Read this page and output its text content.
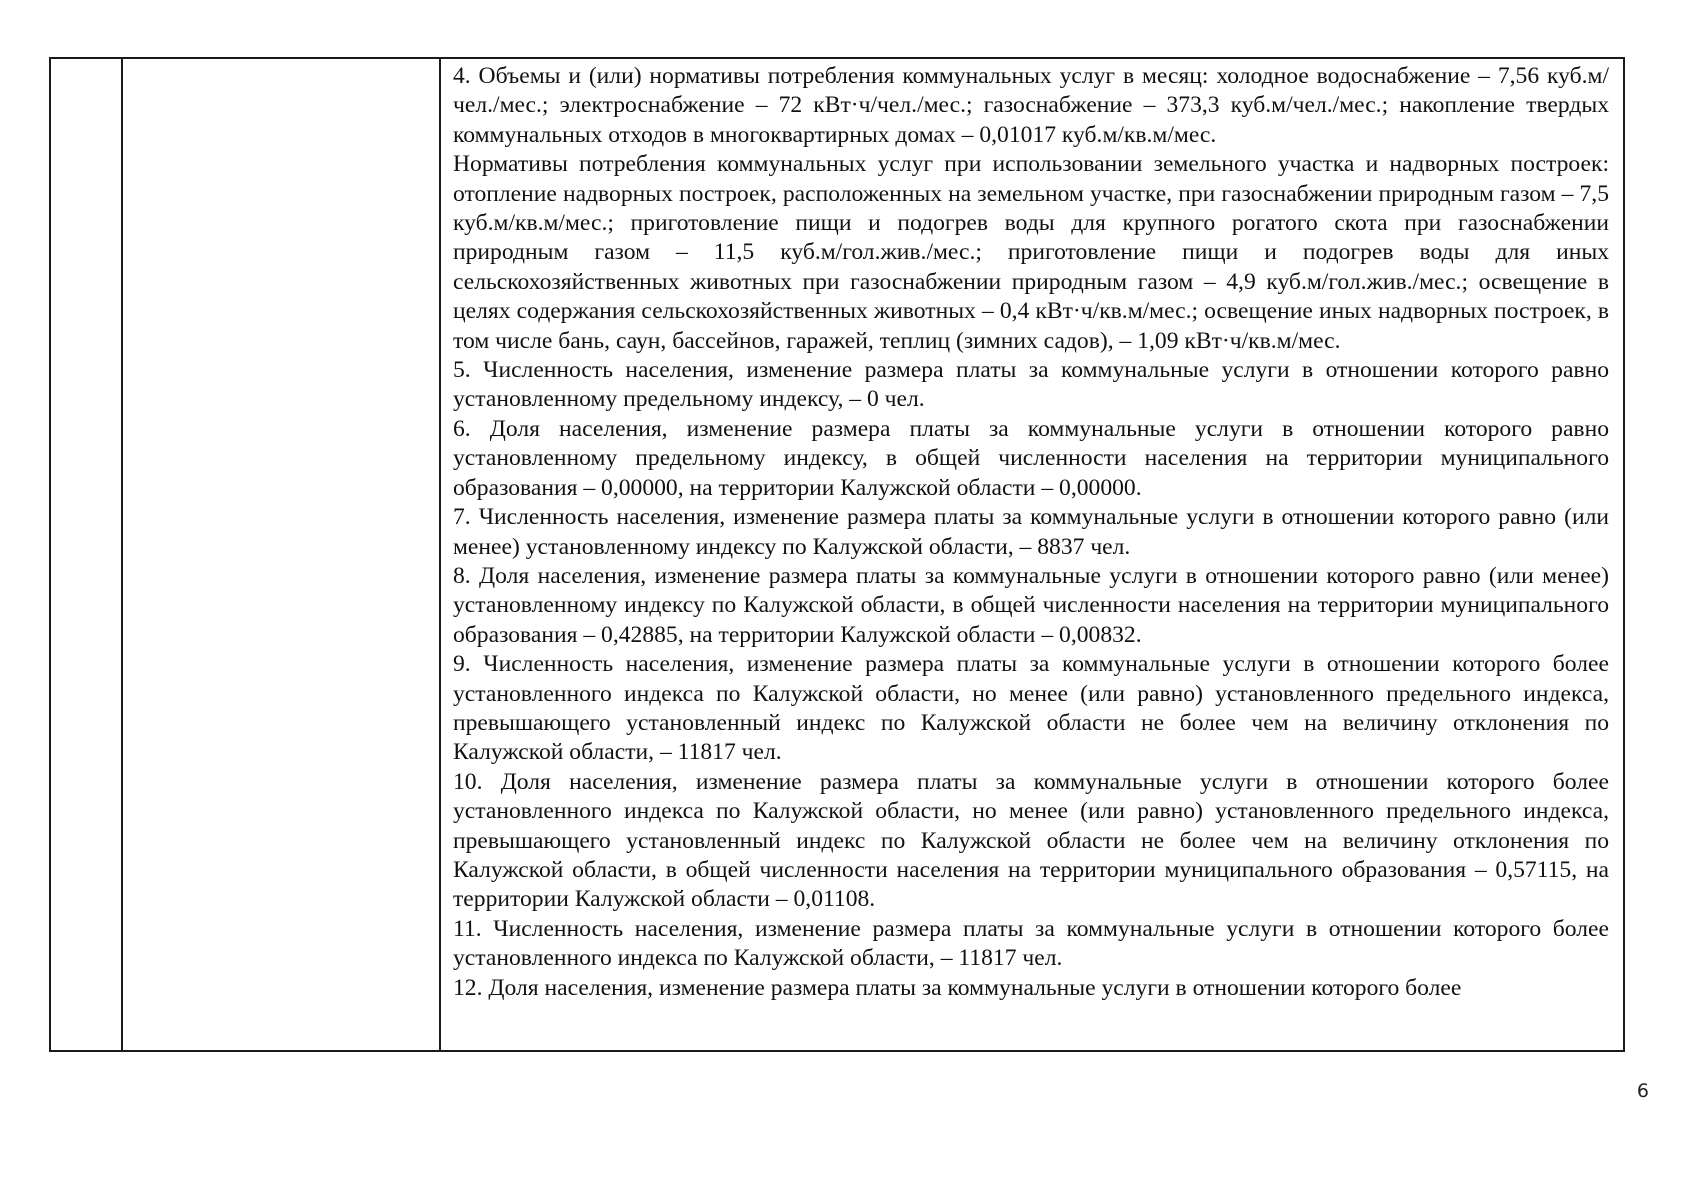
4. Объемы и (или) нормативы потребления коммунальных услуг в месяц: холодное водоснабжение – 7,56 куб.м/чел./мес.; электроснабжение – 72 кВт·ч/чел./мес.; газоснабжение – 373,3 куб.м/чел./мес.; накопление твердых коммунальных отходов в многоквартирных домах – 0,01017 куб.м/кв.м/мес.

Нормативы потребления коммунальных услуг при использовании земельного участка и надворных построек: отопление надворных построек, расположенных на земельном участке, при газоснабжении природным газом – 7,5 куб.м/кв.м/мес.; приготовление пищи и подогрев воды для крупного рогатого скота при газоснабжении природным газом – 11,5 куб.м/гол.жив./мес.; приготовление пищи и подогрев воды для иных сельскохозяйственных животных при газоснабжении природным газом – 4,9 куб.м/гол.жив./мес.; освещение в целях содержания сельскохозяйственных животных – 0,4 кВт·ч/кв.м/мес.; освещение иных надворных построек, в том числе бань, саун, бассейнов, гаражей, теплиц (зимних садов), – 1,09 кВт·ч/кв.м/мес.

5. Численность населения, изменение размера платы за коммунальные услуги в отношении которого равно установленному предельному индексу, – 0 чел.

6. Доля населения, изменение размера платы за коммунальные услуги в отношении которого равно установленному предельному индексу, в общей численности населения на территории муниципального образования – 0,00000, на территории Калужской области – 0,00000.

7. Численность населения, изменение размера платы за коммунальные услуги в отношении которого равно (или менее) установленному индексу по Калужской области, – 8837 чел.

8. Доля населения, изменение размера платы за коммунальные услуги в отношении которого равно (или менее) установленному индексу по Калужской области, в общей численности населения на территории муниципального образования – 0,42885, на территории Калужской области – 0,00832.

9. Численность населения, изменение размера платы за коммунальные услуги в отношении которого более установленного индекса по Калужской области, но менее (или равно) установленного предельного индекса, превышающего установленный индекс по Калужской области не более чем на величину отклонения по Калужской области, – 11817 чел.

10. Доля населения, изменение размера платы за коммунальные услуги в отношении которого более установленного индекса по Калужской области, но менее (или равно) установленного предельного индекса, превышающего установленный индекс по Калужской области не более чем на величину отклонения по Калужской области, в общей численности населения на территории муниципального образования – 0,57115, на территории Калужской области – 0,01108.

11. Численность населения, изменение размера платы за коммунальные услуги в отношении которого более установленного индекса по Калужской области, – 11817 чел.

12. Доля населения, изменение размера платы за коммунальные услуги в отношении которого более

6
